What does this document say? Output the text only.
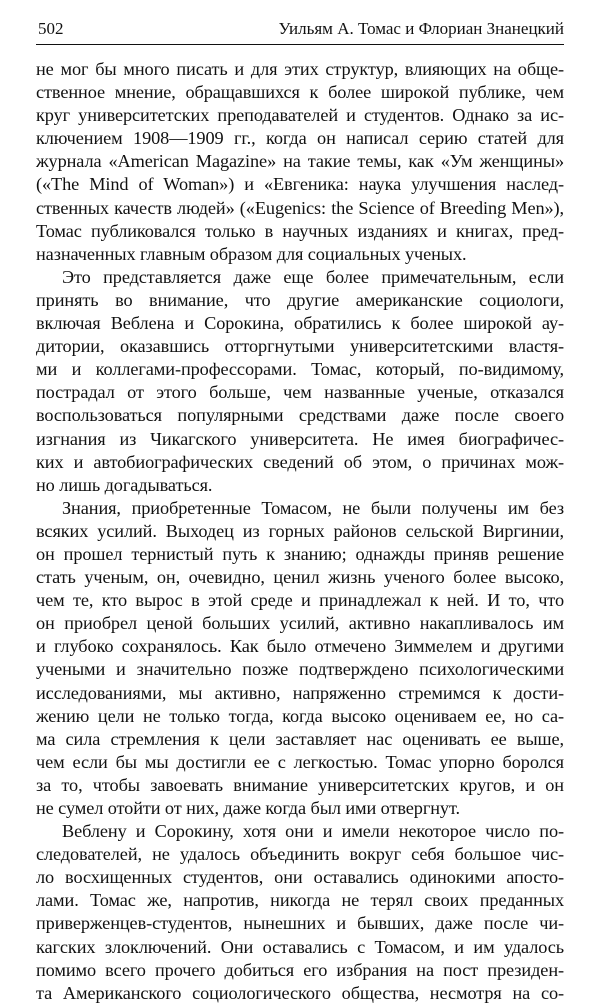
502	Уильям А. Томас и Флориан Знанецкий
не мог бы много писать и для этих структур, влияющих на обще-
ственное мнение, обращавшихся к более широкой публике, чем
круг университетских преподавателей и студентов. Однако за ис-
ключением 1908—1909 гг., когда он написал серию статей для
журнала «American Magazine» на такие темы, как «Ум женщины»
(«The Mind of Woman») и «Евгеника: наука улучшения наслед-
ственных качеств людей» («Eugenics: the Science of Breeding Men»),
Томас публиковался только в научных изданиях и книгах, пред-
назначенных главным образом для социальных ученых.
Это представляется даже еще более примечательным, если
принять во внимание, что другие американские социологи,
включая Веблена и Сорокина, обратились к более широкой ау-
дитории, оказавшись отторгнутыми университетскими властя-
ми и коллегами-профессорами. Томас, который, по-видимому,
пострадал от этого больше, чем названные ученые, отказался
воспользоваться популярными средствами даже после своего
изгнания из Чикагского университета. Не имея биографичес-
ких и автобиографических сведений об этом, о причинах мож-
но лишь догадываться.
Знания, приобретенные Томасом, не были получены им без
всяких усилий. Выходец из горных районов сельской Виргинии,
он прошел тернистый путь к знанию; однажды приняв решение
стать ученым, он, очевидно, ценил жизнь ученого более высоко,
чем те, кто вырос в этой среде и принадлежал к ней. И то, что
он приобрел ценой больших усилий, активно накапливалось им
и глубоко сохранялось. Как было отмечено Зиммелем и другими
учеными и значительно позже подтверждено психологическими
исследованиями, мы активно, напряженно стремимся к дости-
жению цели не только тогда, когда высоко оцениваем ее, но са-
ма сила стремления к цели заставляет нас оценивать ее выше,
чем если бы мы достигли ее с легкостью. Томас упорно боролся
за то, чтобы завоевать внимание университетских кругов, и он
не сумел отойти от них, даже когда был ими отвергнут.
Веблену и Сорокину, хотя они и имели некоторое число по-
следователей, не удалось объединить вокруг себя большое чис-
ло восхищенных студентов, они оставались одинокими апосто-
лами. Томас же, напротив, никогда не терял своих преданных
приверженцев-студентов, нынешних и бывших, даже после чи-
кагских злоключений. Они оставались с Томасом, и им удалось
помимо всего прочего добиться его избрания на пост президен-
та Американского социологического общества, несмотря на со-
